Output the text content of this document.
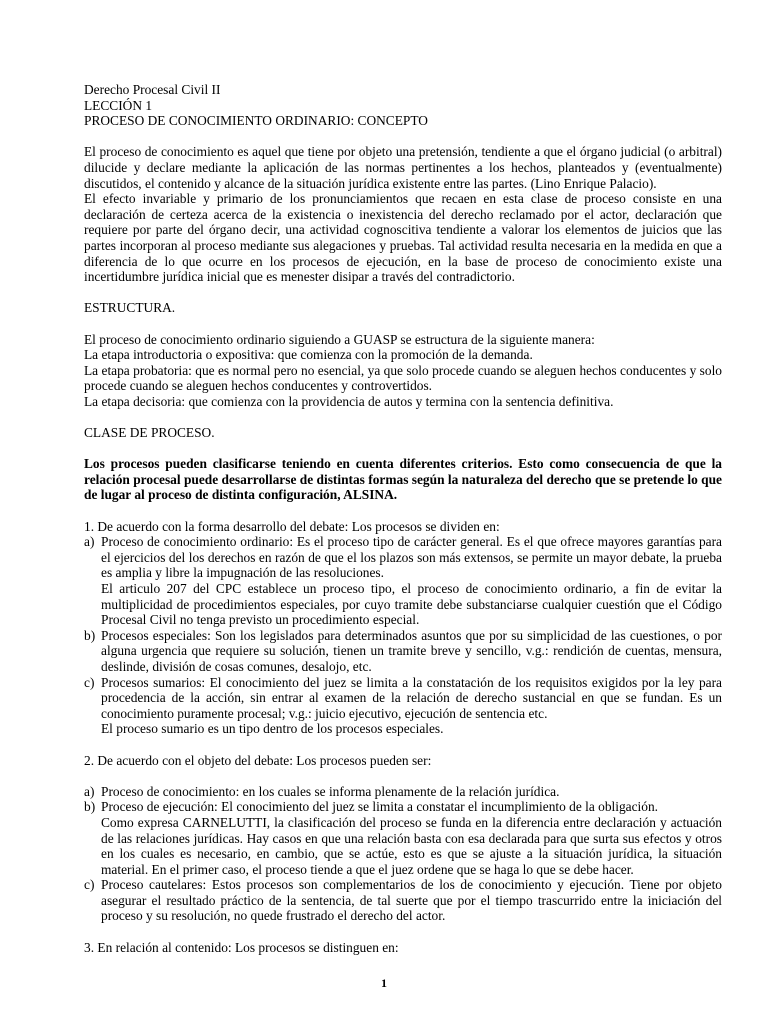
Derecho Procesal Civil II

LECCIÓN 1

PROCESO DE CONOCIMIENTO ORDINARIO: CONCEPTO

El proceso de conocimiento es aquel que tiene por objeto una pretensión, tendiente a que el órgano judicial (o arbitral) dilucide y declare mediante la aplicación de las normas pertinentes a los hechos, planteados y (eventualmente) discutidos, el contenido y alcance de la situación jurídica existente entre las partes. (Lino Enrique Palacio).

El efecto invariable y primario de los pronunciamientos que recaen en esta clase de proceso consiste en una declaración de certeza acerca de la existencia o inexistencia del derecho reclamado por el actor, declaración que requiere por parte del órgano decir, una actividad cognoscitiva tendiente a valorar los elementos de juicios que las partes incorporan al proceso mediante sus alegaciones y pruebas. Tal actividad resulta necesaria en la medida en que a diferencia de lo que ocurre en los procesos de ejecución, en la base de proceso de conocimiento existe una incertidumbre jurídica inicial que es menester disipar a través del contradictorio.

ESTRUCTURA.

El proceso de conocimiento ordinario siguiendo a GUASP se estructura de la siguiente manera:

La etapa introductoria o expositiva: que comienza con la promoción de la demanda.

La etapa probatoria: que es normal pero no esencial, ya que solo procede cuando se aleguen hechos conducentes y solo procede cuando se aleguen hechos conducentes y controvertidos.

La etapa decisoria: que comienza con la providencia de autos y termina con la sentencia definitiva.

CLASE DE PROCESO.

Los procesos pueden clasificarse teniendo en cuenta diferentes criterios. Esto como consecuencia de que la relación procesal puede desarrollarse de distintas formas según la naturaleza del derecho que se pretende lo que de lugar al proceso de distinta configuración, ALSINA.

1. De acuerdo con la forma desarrollo del debate: Los procesos se dividen en:

a) Proceso de conocimiento ordinario: Es el proceso tipo de carácter general. Es el que ofrece mayores garantías para el ejercicios del los derechos en razón de que el los plazos son más extensos, se permite un mayor debate, la prueba es amplia y libre la impugnación de las resoluciones.

El articulo 207 del CPC establece un proceso tipo, el proceso de conocimiento ordinario, a fin de evitar la multiplicidad de procedimientos especiales, por cuyo tramite debe substanciarse cualquier cuestión que el Código Procesal Civil no tenga previsto un procedimiento especial.

b) Procesos especiales: Son los legislados para determinados asuntos que por su simplicidad de las cuestiones, o por alguna urgencia que requiere su solución, tienen un tramite breve y sencillo, v.g.: rendición de cuentas, mensura, deslinde, división de cosas comunes, desalojo, etc.

c) Procesos sumarios: El conocimiento del juez se limita a la constatación de los requisitos exigidos por la ley para procedencia de la acción, sin entrar al examen de la relación de derecho sustancial en que se fundan. Es un conocimiento puramente procesal; v.g.: juicio ejecutivo, ejecución de sentencia etc.

El proceso sumario es un tipo dentro de los procesos especiales.

2. De acuerdo con el objeto del debate: Los procesos pueden ser:

a) Proceso de conocimiento: en los cuales se informa plenamente de la relación jurídica.

b) Proceso de ejecución: El conocimiento del juez se limita a constatar el incumplimiento de la obligación.

Como expresa CARNELUTTI, la clasificación del proceso se funda en la diferencia entre declaración y actuación de las relaciones jurídicas. Hay casos en que una relación basta con esa declarada para que surta sus efectos y otros en los cuales es necesario, en cambio, que se actúe, esto es que se ajuste a la situación jurídica, la situación material. En el primer caso, el proceso tiende a que el juez ordene que se haga lo que se debe hacer.

c) Proceso cautelares: Estos procesos son complementarios de los de conocimiento y ejecución. Tiene por objeto asegurar el resultado práctico de la sentencia, de tal suerte que por el tiempo trascurrido entre la iniciación del proceso y su resolución, no quede frustrado el derecho del actor.

3. En relación al contenido: Los procesos se distinguen en:

1
